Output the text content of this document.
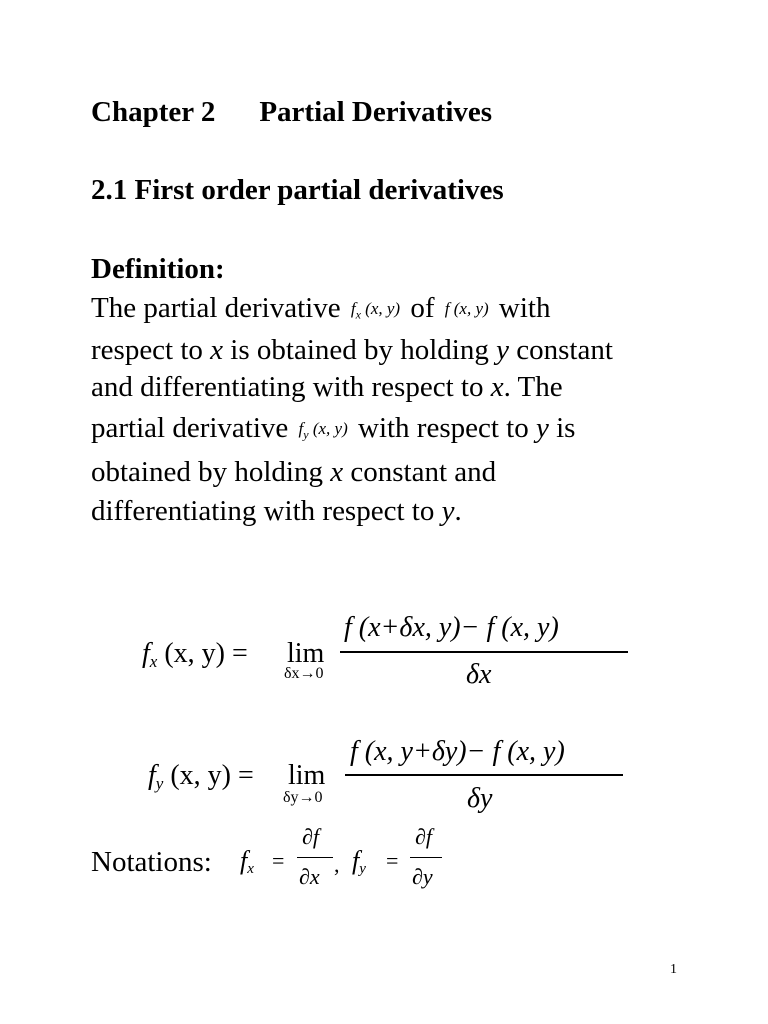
Chapter 2 Partial Derivatives
2.1 First order partial derivatives
Definition:

The partial derivative $f_x$ (x, y) of f (x, y) with

respect to x is obtained by holding y constant

and differentiating with respect to x. The

partial derivative $f_y$ (x, y) with respect to y is

obtained by holding x constant and

differentiating with respect to y.

fx (x, y) = lim
δx→0
f (x+δx, y)− f (x, y)
δx
fy (x, y) = lim
δy→0
f (x, y+δy)− f (x, y)
δy
Notations: fx =
∂f
∂x , fy =
∂f
∂y
1
